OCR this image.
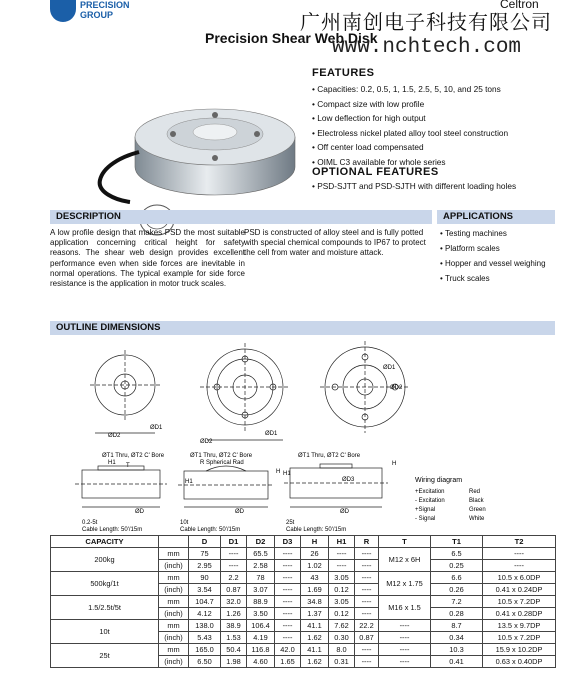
PRECISION
GROUP	广州南创电子科技有限公司
Celtron
Precision Shear Web Disk
www.nchtech.com
FEATURES
• Capacities: 0.2, 0.5, 1, 1.5, 2.5, 5, 10, and 25 tons
• Compact size with low profile
• Low deflection for high output
• Electroless nickel plated alloy tool steel construction
• Off center load compensated
• OIML C3 available for whole series
OPTIONAL FEATURES
• PSD-SJTT and PSD-SJTH with different loading holes
DESCRIPTION	APPLICATIONS
A low profile design that makes PSD the most suitable application concerning critical height for safety reasons. The shear web design provides excellent performance even when side forces are inevitable in normal operations. The typical example for side force resistance is the application in motor truck scales.
PSD is constructed of alloy steel and is fully potted with special chemical compounds to IP67 to protect the cell from water and moisture attack.
• Testing machines
• Platform scales
• Hopper and vessel weighing
• Truck scales
OUTLINE DIMENSIONS
ØD1
ØD2	ØD1
ØD2
ØD1
ØD2
ØT1 Thru, ØT2 C' Bore	ØT1 Thru, ØT2 C' Bore
R Spherical Rad
ØT1 Thru, ØT2 C' Bore
H1 T
H1
H H1
H
ØD3
ØD	ØD	ØD
0.2-5t
Cable Length: 50'/15m
10t
Cable Length: 50'/15m
25t
Cable Length: 50'/15m
Wiring diagram
+Excitation	Red
- Excitation	Black
+Signal	Green
- Signal	White
CAPACITY		D	D1	D2	D3	H	H1	R	T	T1	T2
200kg	mm	75	----	65.5	----	26	----	----	M12 x 6H	6.5	----
	(inch)	2.95	----	2.58	----	1.02	----	----		0.25	----
500kg/1t	mm	90	2.2	78	----	43	3.05	----	M12 x 1.75	6.6	10.5 x 6.0DP
	(inch)	3.54	0.87	3.07	----	1.69	0.12	----		0.26	0.41 x 0.24DP
1.5/2.5t/5t	mm	104.7	32.0	88.9	----	34.8	3.05	----	M16 x 1.5	7.2	10.5 x 7.2DP
	(inch)	4.12	1.26	3.50	----	1.37	0.12	----		0.28	0.41 x 0.28DP
10t	mm	138.0	38.9	106.4	----	41.1	7.62	22.2	----	8.7	13.5 x 9.7DP
	(inch)	5.43	1.53	4.19	----	1.62	0.30	0.87	----	0.34	10.5 x 7.2DP
25t	mm	165.0	50.4	116.8	42.0	41.1	8.0	----	----	10.3	15.9 x 10.2DP
	(inch)	6.50	1.98	4.60	1.65	1.62	0.31	----	----	0.41	0.63 x 0.40DP
